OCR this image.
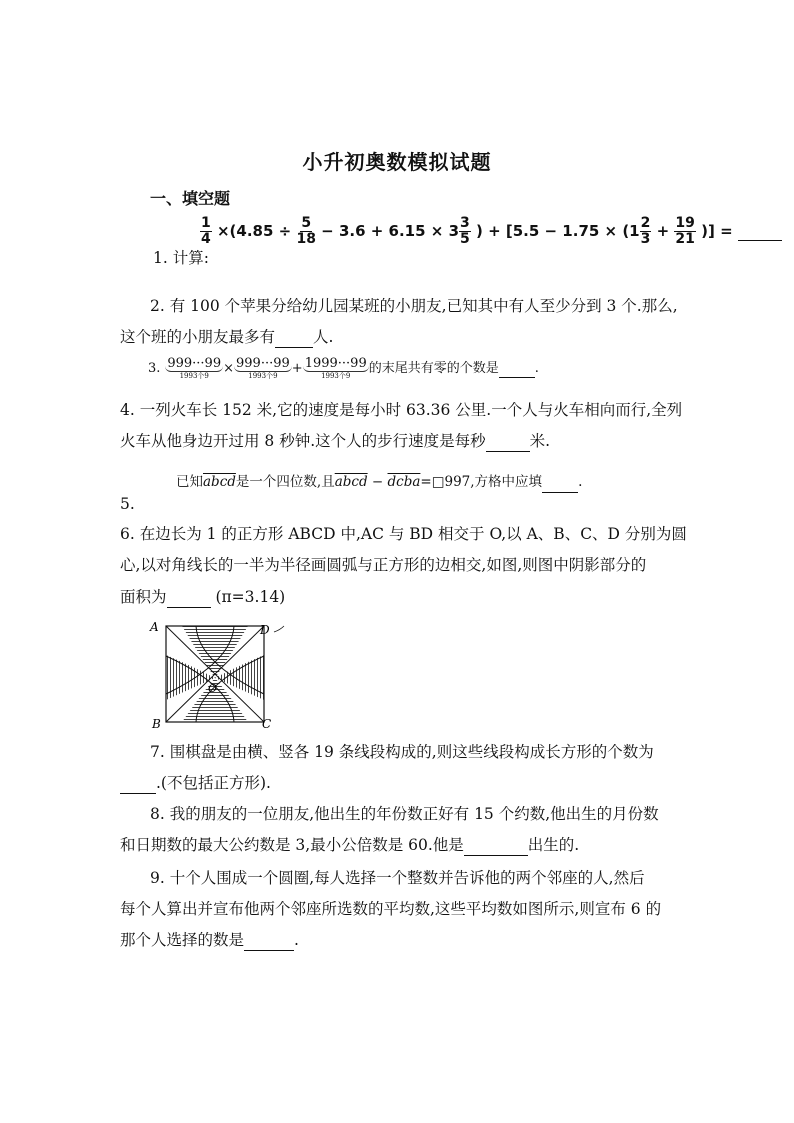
小升初奥数模拟试题
一、填空题
1. 计算:
$\frac{1}{4} \times(4.85 \div \frac{5}{18} - 3.6 + 6.15 \times 3 \frac{3}{5}$ ) + [$5.5 - 1.75 \times (1 \frac{2}{3} + \frac{19}{21}$ )] =
2. 有 100 个苹果分给幼儿园某班的小朋友,已知其中有人至少分到 3 个.那么,
这个班的小朋友最多有 人.
3. 999···99
1993个9 × 999···99
1993个9 + 1999···99
1993个9 的末尾共有零的个数是	.
4. 一列火车长 152 米,它的速度是每小时 63.36 公里.一个人与火车相向而行,全列
火车从他身边开过用 8 秒钟.这个人的步行速度是每秒	米.
已知abcd是一个四位数,且abcd − dcba=□997,方格中应填	.
5.
6. 在边长为 1 的正方形 ABCD 中,AC 与 BD 相交于 O,以 A、B、C、D 分别为圆
心,以对角线长的一半为半径画圆弧与正方形的边相交,如图,则图中阴影部分的
面积为	(π=3.14)
A	D
B	C
O
7. 围棋盘是由横、竖各 19 条线段构成的,则这些线段构成长方形的个数为
.(不包括正方形).
8. 我的朋友的一位朋友,他出生的年份数正好有 15 个约数,他出生的月份数
和日期数的最大公约数是 3,最小公倍数是 60.他是	出生的.
9. 十个人围成一个圆圈,每人选择一个整数并告诉他的两个邻座的人,然后
每个人算出并宣布他两个邻座所选数的平均数,这些平均数如图所示,则宣布 6 的
那个人选择的数是	.
